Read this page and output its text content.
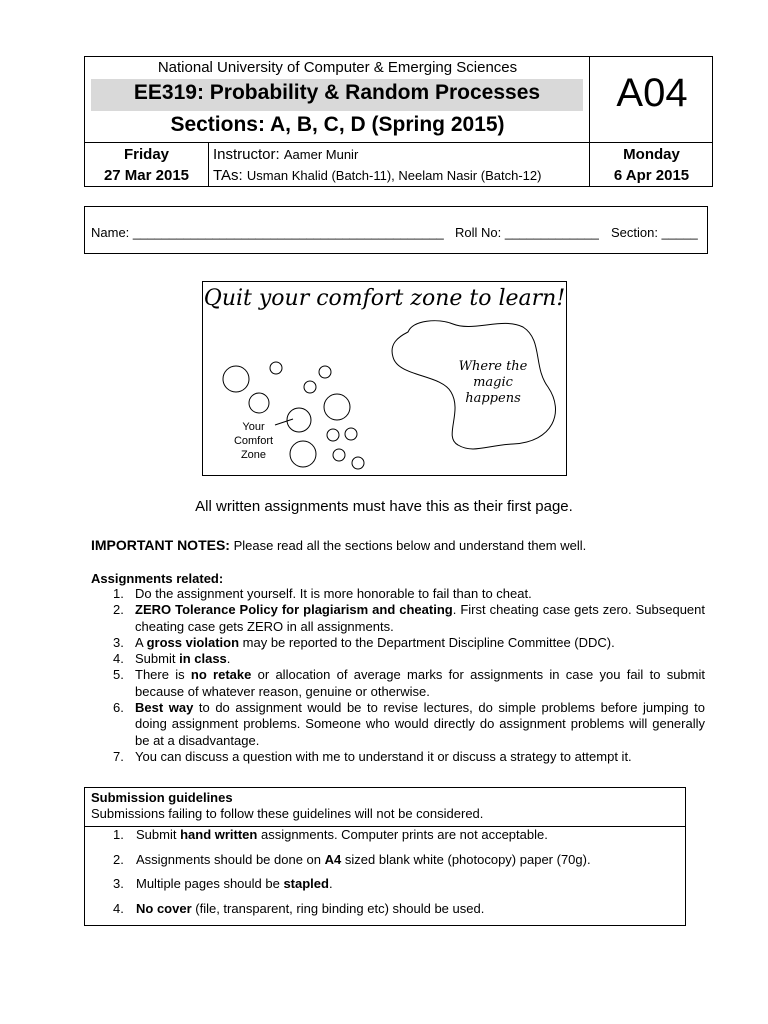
National University of Computer & Emerging Sciences
EE319: Probability & Random Processes
Sections: A, B, C, D (Spring 2015)
A04
Friday
27 Mar 2015
Instructor: Aamer Munir
TAs: Usman Khalid (Batch-11), Neelam Nasir (Batch-12)
Monday
6 Apr 2015
Name: ___________________________________________ Roll No: _____________ Section: _____
Quit your comfort zone to learn!
Where the
magic
happens
Your
Comfort
Zone
All written assignments must have this as their first page.
IMPORTANT NOTES: Please read all the sections below and understand them well.
Assignments related:
1. Do the assignment yourself. It is more honorable to fail than to cheat.
2. ZERO Tolerance Policy for plagiarism and cheating. First cheating case gets zero. Subsequent cheating case gets ZERO in all assignments.
3. A gross violation may be reported to the Department Discipline Committee (DDC).
4. Submit in class.
5. There is no retake or allocation of average marks for assignments in case you fail to submit because of whatever reason, genuine or otherwise.
6. Best way to do assignment would be to revise lectures, do simple problems before jumping to doing assignment problems. Someone who would directly do assignment problems will generally be at a disadvantage.
7. You can discuss a question with me to understand it or discuss a strategy to attempt it.
Submission guidelines
Submissions failing to follow these guidelines will not be considered.
1. Submit hand written assignments. Computer prints are not acceptable.
2. Assignments should be done on A4 sized blank white (photocopy) paper (70g).
3. Multiple pages should be stapled.
4. No cover (file, transparent, ring binding etc) should be used.
